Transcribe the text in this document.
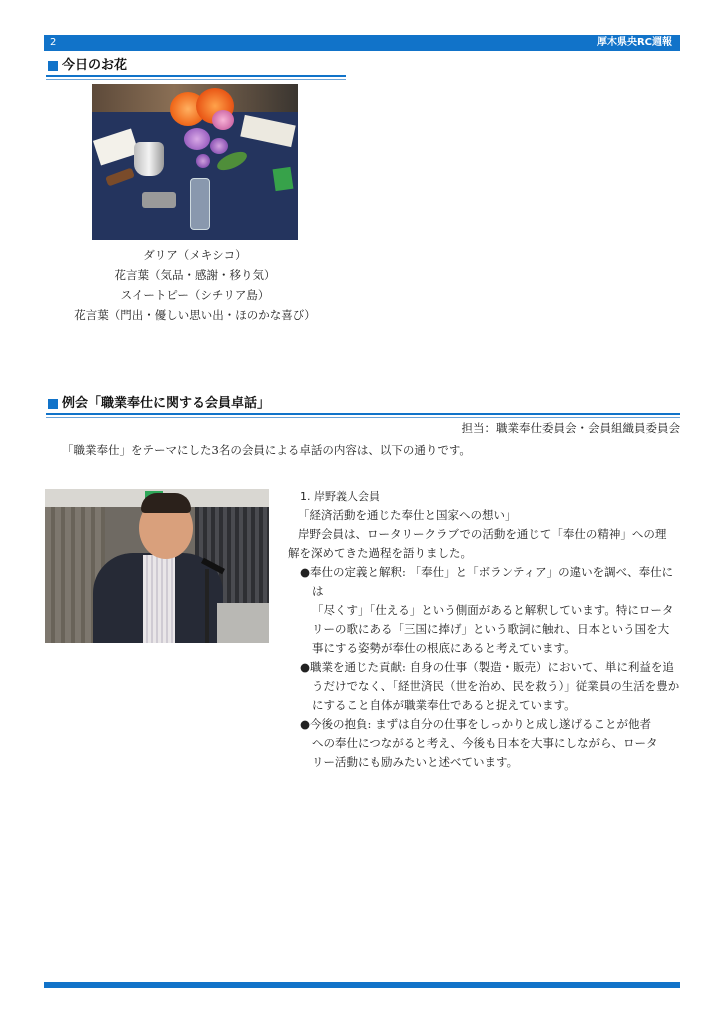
2	厚木県央RC週報
今日のお花
ダリア（メキシコ）
花言葉（気品・感謝・移り気）
スイートピー（シチリア島）
花言葉（門出・優しい思い出・ほのかな喜び）
例会「職業奉仕に関する会員卓話」
担当：職業奉仕委員会・会員組織員委員会
「職業奉仕」をテーマにした3名の会員による卓話の内容は、以下の通りです。
1. 岸野義人会員
「経済活動を通じた奉仕と国家への想い」

岸野会員は、ロータリークラブでの活動を通じて「奉仕の精神」への理

解を深めてきた過程を語りました。

●奉仕の定義と解釈: 「奉仕」と「ボランティア」の違いを調べ、奉仕には

「尽くす」「仕える」という側面があると解釈しています。特にロータ

リーの歌にある「三国に捧げ」という歌詞に触れ、日本という国を大

事にする姿勢が奉仕の根底にあると考えています。

●職業を通じた貢献: 自身の仕事（製造・販売）において、単に利益を追

うだけでなく、「経世済民（世を治め、民を救う）」従業員の生活を豊か

にすること自体が職業奉仕であると捉えています。

●今後の抱負: まずは自分の仕事をしっかりと成し遂げることが他者

への奉仕につながると考え、今後も日本を大事にしながら、ロータ

リー活動にも励みたいと述べています。
